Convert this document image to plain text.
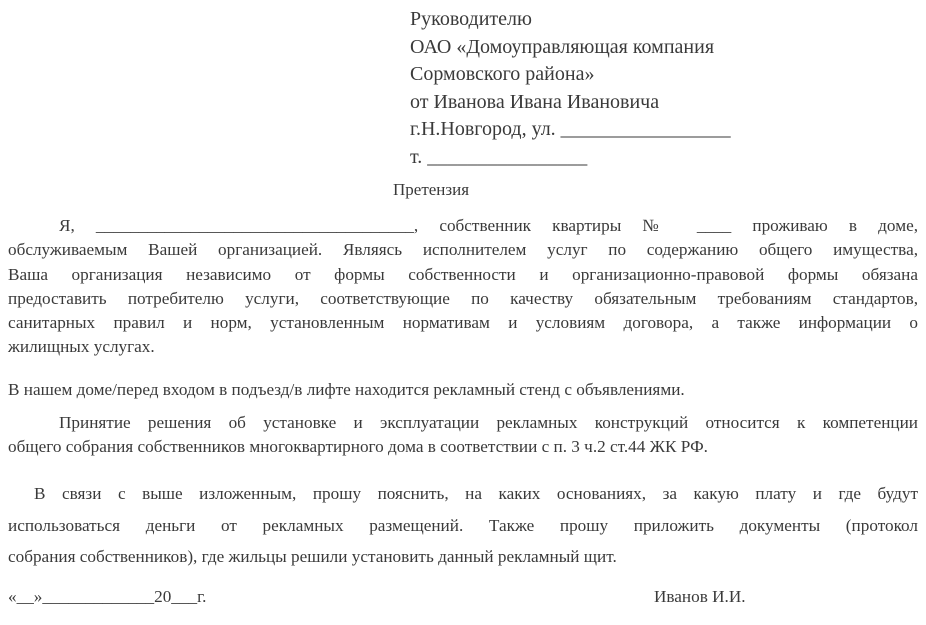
Руководителю
ОАО «Домоуправляющая компания
Сормовского района»
от Иванова Ивана Ивановича
г.Н.Новгород, ул. _________________
т. ________________
Претензия
Я, _____________________________________, собственник квартиры № ____ проживаю в доме,
обслуживаемым Вашей организацией. Являясь исполнителем услуг по содержанию общего имущества,
Ваша организация независимо от формы собственности и организационно-правовой формы обязана
предоставить потребителю услуги, соответствующие по качеству обязательным требованиям стандартов,
санитарных правил и норм, установленным нормативам и условиям договора, а также информации о
жилищных услугах.
В нашем доме/перед входом в подъезд/в лифте находится рекламный стенд с объявлениями.
Принятие решения об установке и эксплуатации рекламных конструкций относится к компетенции
общего собрания собственников многоквартирного дома в соответствии с п. 3 ч.2 ст.44 ЖК РФ.
В связи с выше изложенным, прошу пояснить, на каких основаниях, за какую плату и где будут
использоваться деньги от рекламных размещений. Также прошу приложить документы (протокол
собрания собственников), где жильцы решили установить данный рекламный щит.
«__»_____________20___г.	Иванов И.И.
